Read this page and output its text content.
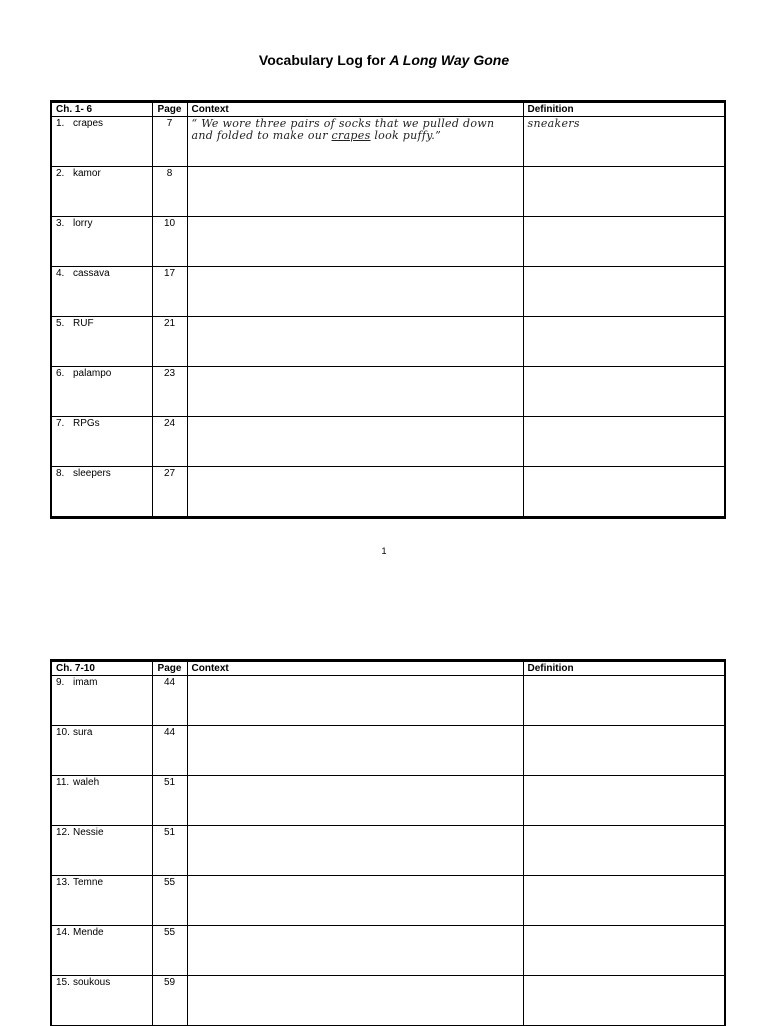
Vocabulary Log for A Long Way Gone
Ch. 1- 6	Page	Context	Definition
1. crapes	7	“ We wore three pairs of socks that we pulled down and folded to make our crapes look puffy.”	sneakers
2. kamor	8		
3. lorry	10		
4. cassava	17		
5. RUF	21		
6. palampo	23		
7. RPGs	24		
8. sleepers	27		
1
Ch. 7-10	Page	Context	Definition
9. imam	44		
10. sura	44		
11. waleh	51		
12. Nessie	51		
13. Temne	55		
14. Mende	55		
15. soukous	59		
